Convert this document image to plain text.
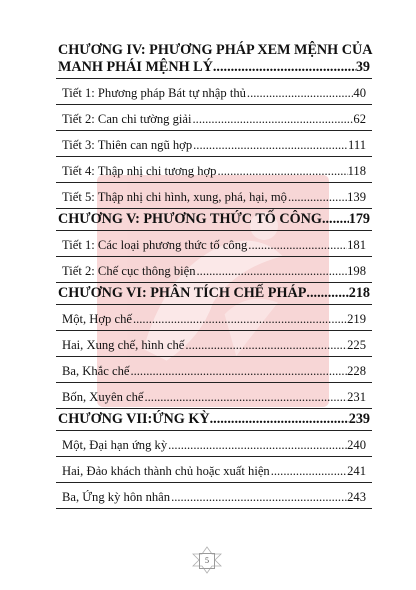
CHƯƠNG IV: PHƯƠNG PHÁP XEM MỆNH CỦA
MANH PHÁI MỆNH LÝ .....	39
Tiết 1: Phương pháp Bát tự nhập thủ .....	40
Tiết 2: Can chi tường giải .....	62
Tiết 3: Thiên can ngũ hợp .....	111
Tiết 4: Thập nhị chi tương hợp .....	118
Tiết 5: Thập nhị chi hình, xung, phá, hại, mộ .....	139
CHƯƠNG V: PHƯƠNG THỨC TỐ CÔNG ..... 179
Tiết 1: Các loại phương thức tố công .....	181
Tiết 2: Chế cục thông biện .....	198
CHƯƠNG VI: PHÂN TÍCH CHẾ PHÁP .....	218
Một, Hợp chế .....	219
Hai, Xung chế, hình chế .....	225
Ba, Khắc chế .....	228
Bốn, Xuyên chế .....	231
CHƯƠNG VII:ỨNG KỲ .....	239
Một, Đại hạn ứng kỳ .....	240
Hai, Đảo khách thành chủ hoặc xuất hiện .....	241
Ba, Ứng kỳ hôn nhân .....	243
5
